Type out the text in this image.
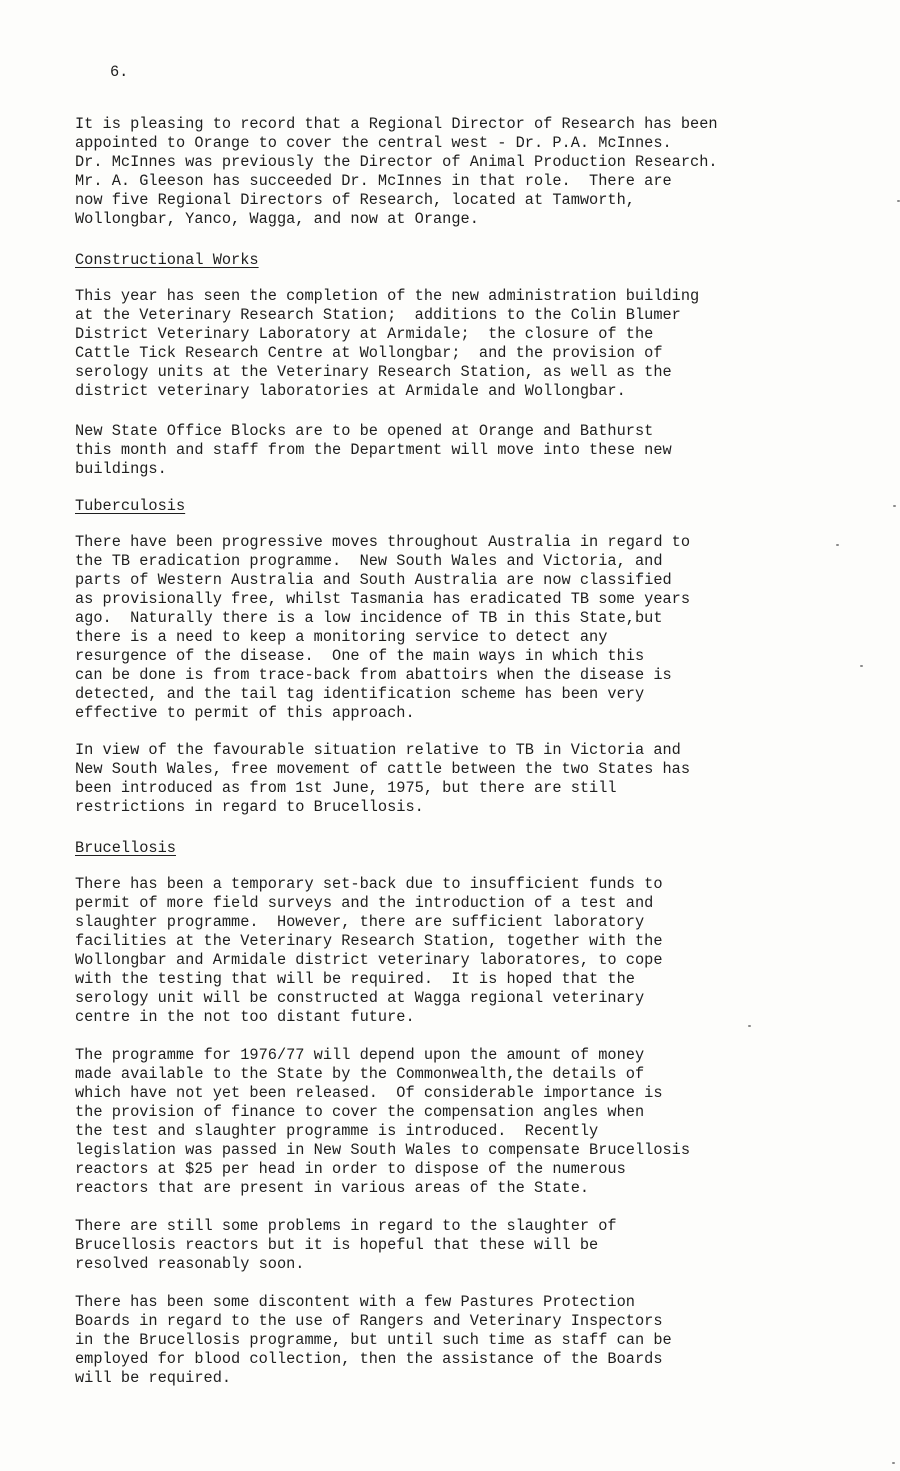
6.
It is pleasing to record that a Regional Director of Research has been
appointed to Orange to cover the central west - Dr. P.A. McInnes.
Dr. McInnes was previously the Director of Animal Production Research.
Mr. A. Gleeson has succeeded Dr. McInnes in that role.  There are
now five Regional Directors of Research, located at Tamworth,
Wollongbar, Yanco, Wagga, and now at Orange.
Constructional Works
This year has seen the completion of the new administration building
at the Veterinary Research Station;  additions to the Colin Blumer
District Veterinary Laboratory at Armidale;  the closure of the
Cattle Tick Research Centre at Wollongbar;  and the provision of
serology units at the Veterinary Research Station, as well as the
district veterinary laboratories at Armidale and Wollongbar.
New State Office Blocks are to be opened at Orange and Bathurst
this month and staff from the Department will move into these new
buildings.
Tuberculosis
There have been progressive moves throughout Australia in regard to
the TB eradication programme.  New South Wales and Victoria, and
parts of Western Australia and South Australia are now classified
as provisionally free, whilst Tasmania has eradicated TB some years
ago.  Naturally there is a low incidence of TB in this State,but
there is a need to keep a monitoring service to detect any
resurgence of the disease.  One of the main ways in which this
can be done is from trace-back from abattoirs when the disease is
detected, and the tail tag identification scheme has been very
effective to permit of this approach.
In view of the favourable situation relative to TB in Victoria and
New South Wales, free movement of cattle between the two States has
been introduced as from 1st June, 1975, but there are still
restrictions in regard to Brucellosis.
Brucellosis
There has been a temporary set-back due to insufficient funds to
permit of more field surveys and the introduction of a test and
slaughter programme.  However, there are sufficient laboratory
facilities at the Veterinary Research Station, together with the
Wollongbar and Armidale district veterinary laboratores, to cope
with the testing that will be required.  It is hoped that the
serology unit will be constructed at Wagga regional veterinary
centre in the not too distant future.
The programme for 1976/77 will depend upon the amount of money
made available to the State by the Commonwealth,the details of
which have not yet been released.  Of considerable importance is
the provision of finance to cover the compensation angles when
the test and slaughter programme is introduced.  Recently
legislation was passed in New South Wales to compensate Brucellosis
reactors at $25 per head in order to dispose of the numerous
reactors that are present in various areas of the State.
There are still some problems in regard to the slaughter of
Brucellosis reactors but it is hopeful that these will be
resolved reasonably soon.
There has been some discontent with a few Pastures Protection
Boards in regard to the use of Rangers and Veterinary Inspectors
in the Brucellosis programme, but until such time as staff can be
employed for blood collection, then the assistance of the Boards
will be required.
